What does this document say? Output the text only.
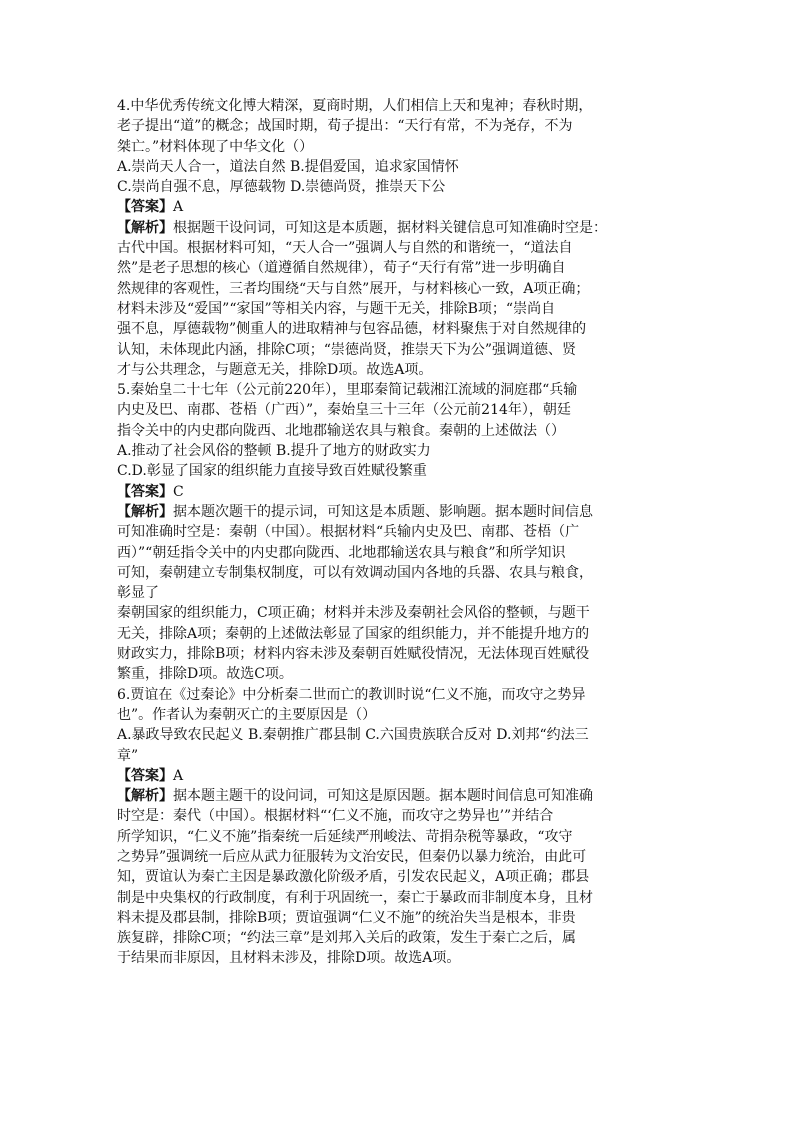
4.中华优秀传统文化博大精深，夏商时期，人们相信上天和鬼神；春秋时期，
老子提出“道”的概念；战国时期，荀子提出：“天行有常，不为尧存，不为
桀亡。”材料体现了中华文化（）
A.崇尚天人合一，道法自然 B.提倡爱国，追求家国情怀
C.崇尚自强不息，厚德载物 D.崇德尚贤，推崇天下公
【答案】A
【解析】根据题干设问词，可知这是本质题，据材料关键信息可知准确时空是：
古代中国。根据材料可知，“天人合一”强调人与自然的和谐统一，“道法自
然”是老子思想的核心（道遵循自然规律），荀子“天行有常”进一步明确自
然规律的客观性，三者均围绕“天与自然”展开，与材料核心一致，A项正确；
材料未涉及“爱国”“家国”等相关内容，与题干无关，排除B项；“崇尚自
强不息，厚德载物”侧重人的进取精神与包容品德，材料聚焦于对自然规律的
认知，未体现此内涵，排除C项；“崇德尚贤，推崇天下为公”强调道德、贤
才与公共理念，与题意无关，排除D项。故选A项。
5.秦始皇二十七年（公元前220年），里耶秦简记载湘江流域的洞庭郡“兵输
内史及巴、南郡、苍梧（广西）”，秦始皇三十三年（公元前214年），朝廷
指令关中的内史郡向陇西、北地郡输送农具与粮食。秦朝的上述做法（）
A.推动了社会风俗的整顿 B.提升了地方的财政实力
C.D.彰显了国家的组织能力直接导致百姓赋役繁重
【答案】C
【解析】据本题次题干的提示词，可知这是本质题、影响题。据本题时间信息
可知准确时空是：秦朝（中国）。根据材料“兵输内史及巴、南郡、苍梧（广
西）”“朝廷指令关中的内史郡向陇西、北地郡输送农具与粮食”和所学知识
可知，秦朝建立专制集权制度，可以有效调动国内各地的兵器、农具与粮食，
彰显了
秦朝国家的组织能力，C项正确；材料并未涉及秦朝社会风俗的整顿，与题干
无关，排除A项；秦朝的上述做法彰显了国家的组织能力，并不能提升地方的
财政实力，排除B项；材料内容未涉及秦朝百姓赋役情况，无法体现百姓赋役
繁重，排除D项。故选C项。
6.贾谊在《过秦论》中分析秦二世而亡的教训时说“仁义不施，而攻守之势异
也”。作者认为秦朝灭亡的主要原因是（）
A.暴政导致农民起义 B.秦朝推广郡县制 C.六国贵族联合反对 D.刘邦“约法三
章”
【答案】A
【解析】据本题主题干的设问词，可知这是原因题。据本题时间信息可知准确
时空是：秦代（中国）。根据材料“‘仁义不施，而攻守之势异也’”并结合
所学知识，“仁义不施”指秦统一后延续严刑峻法、苛捐杂税等暴政，“攻守
之势异”强调统一后应从武力征服转为文治安民，但秦仍以暴力统治，由此可
知，贾谊认为秦亡主因是暴政激化阶级矛盾，引发农民起义，A项正确；郡县
制是中央集权的行政制度，有利于巩固统一，秦亡于暴政而非制度本身，且材
料未提及郡县制，排除B项；贾谊强调“仁义不施”的统治失当是根本，非贵
族复辟，排除C项；“约法三章”是刘邦入关后的政策，发生于秦亡之后，属
于结果而非原因，且材料未涉及，排除D项。故选A项。
